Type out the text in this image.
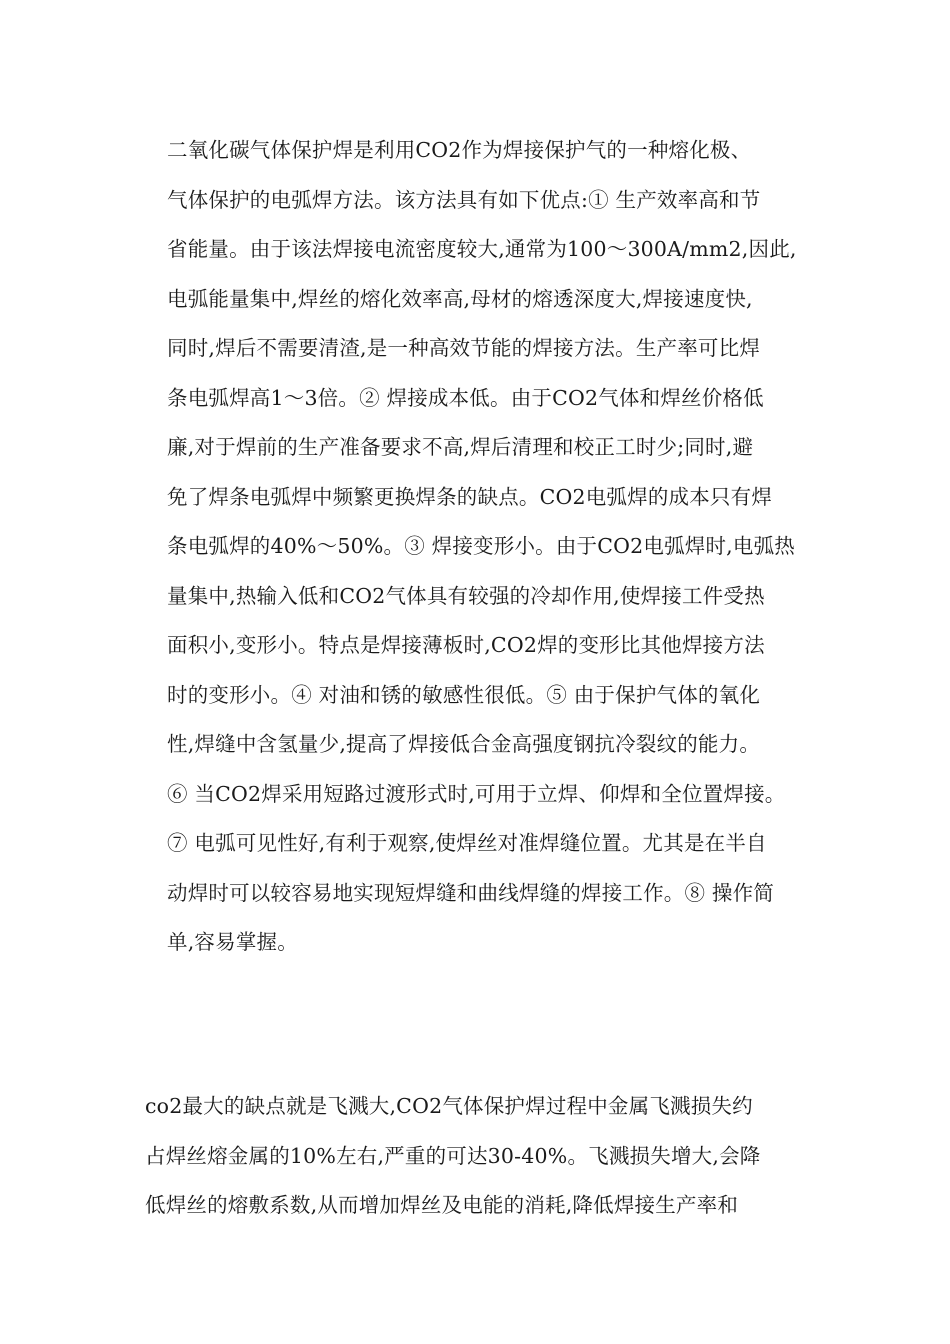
二氧化碳气体保护焊是利用CO2作为焊接保护气的一种熔化极、
气体保护的电弧焊方法。该方法具有如下优点:① 生产效率高和节
省能量。由于该法焊接电流密度较大,通常为100～300A/mm2,因此,
电弧能量集中,焊丝的熔化效率高,母材的熔透深度大,焊接速度快,
同时,焊后不需要清渣,是一种高效节能的焊接方法。生产率可比焊
条电弧焊高1～3倍。② 焊接成本低。由于CO2气体和焊丝价格低
廉,对于焊前的生产准备要求不高,焊后清理和校正工时少;同时,避
免了焊条电弧焊中频繁更换焊条的缺点。CO2电弧焊的成本只有焊
条电弧焊的40%～50%。③ 焊接变形小。由于CO2电弧焊时,电弧热
量集中,热输入低和CO2气体具有较强的冷却作用,使焊接工件受热
面积小,变形小。特点是焊接薄板时,CO2焊的变形比其他焊接方法
时的变形小。④ 对油和锈的敏感性很低。⑤ 由于保护气体的氧化
性,焊缝中含氢量少,提高了焊接低合金高强度钢抗冷裂纹的能力。
⑥ 当CO2焊采用短路过渡形式时,可用于立焊、仰焊和全位置焊接。
⑦ 电弧可见性好,有利于观察,使焊丝对准焊缝位置。尤其是在半自
动焊时可以较容易地实现短焊缝和曲线焊缝的焊接工作。⑧ 操作简
单,容易掌握。
co2最大的缺点就是飞溅大,CO2气体保护焊过程中金属飞溅损失约
占焊丝熔金属的10%左右,严重的可达30-40%。飞溅损失增大,会降
低焊丝的熔敷系数,从而增加焊丝及电能的消耗,降低焊接生产率和
